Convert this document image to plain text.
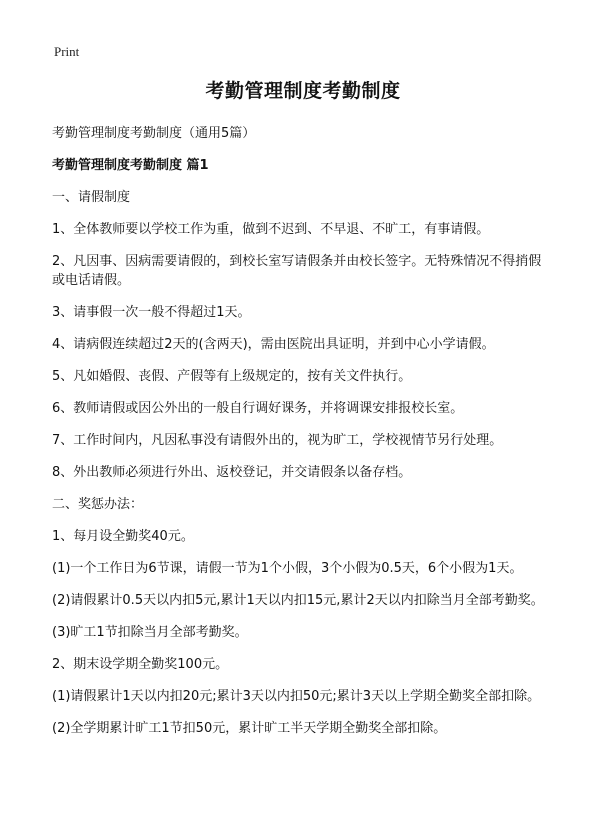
Print
考勤管理制度考勤制度
考勤管理制度考勤制度（通用5篇）
考勤管理制度考勤制度 篇1
一、请假制度
1、全体教师要以学校工作为重，做到不迟到、不早退、不旷工，有事请假。
2、凡因事、因病需要请假的，到校长室写请假条并由校长签字。无特殊情况不得捎假或电话请假。
3、请事假一次一般不得超过1天。
4、请病假连续超过2天的(含两天)，需由医院出具证明，并到中心小学请假。
5、凡如婚假、丧假、产假等有上级规定的，按有关文件执行。
6、教师请假或因公外出的一般自行调好课务，并将调课安排报校长室。
7、工作时间内，凡因私事没有请假外出的，视为旷工，学校视情节另行处理。
8、外出教师必须进行外出、返校登记，并交请假条以备存档。
二、奖惩办法：
1、每月设全勤奖40元。
(1)一个工作日为6节课，请假一节为1个小假，3个小假为0.5天，6个小假为1天。
(2)请假累计0.5天以内扣5元,累计1天以内扣15元,累计2天以内扣除当月全部考勤奖。
(3)旷工1节扣除当月全部考勤奖。
2、期末设学期全勤奖100元。
(1)请假累计1天以内扣20元;累计3天以内扣50元;累计3天以上学期全勤奖全部扣除。
(2)全学期累计旷工1节扣50元，累计旷工半天学期全勤奖全部扣除。
